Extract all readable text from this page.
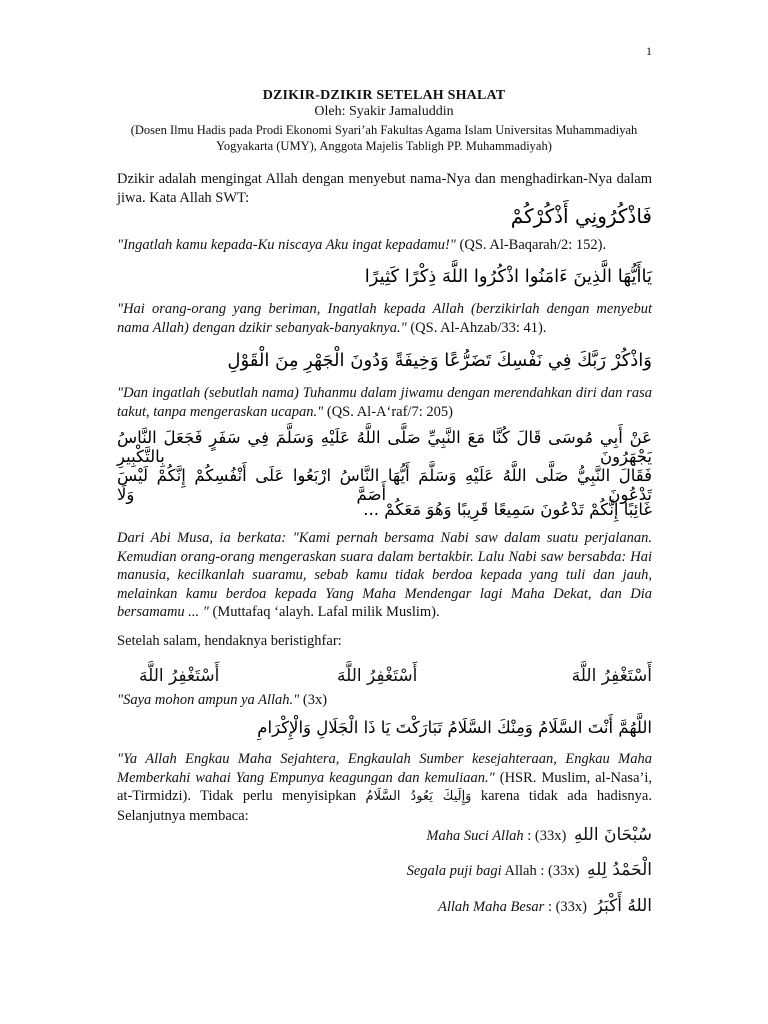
1
DZIKIR-DZIKIR SETELAH SHALAT
Oleh: Syakir Jamaluddin
(Dosen Ilmu Hadis pada Prodi Ekonomi Syari’ah Fakultas Agama Islam Universitas Muhammadiyah Yogyakarta (UMY), Anggota Majelis Tabligh PP. Muhammadiyah)
Dzikir adalah mengingat Allah dengan menyebut nama-Nya dan menghadirkan-Nya dalam jiwa. Kata Allah SWT:
فَاذْكُرُونِي أَذْكُرْكُمْ
"Ingatlah kamu kepada-Ku niscaya Aku ingat kepadamu!" (QS. Al-Baqarah/2: 152).
يَاأَيُّهَا الَّذِينَ ءَامَنُوا اذْكُرُوا اللَّهَ ذِكْرًا كَثِيرًا
"Hai orang-orang yang beriman, Ingatlah kepada Allah (berzikirlah dengan menyebut nama Allah) dengan dzikir sebanyak-banyaknya." (QS. Al-Ahzab/33: 41).
وَاذْكُرْ رَبَّكَ فِي نَفْسِكَ تَضَرُّعًا وَخِيفَةً وَدُونَ الْجَهْرِ مِنَ الْقَوْلِ
"Dan ingatlah (sebutlah nama) Tuhanmu dalam jiwamu dengan merendahkan diri dan rasa takut, tanpa mengeraskan ucapan." (QS. Al-A‘raf/7: 205)
عَنْ أَبِي مُوسَى قَالَ كُنَّا مَعَ النَّبِيِّ صَلَّى اللَّهُ عَلَيْهِ وَسَلَّمَ فِي سَفَرٍ فَجَعَلَ النَّاسُ يَجْهَرُونَ بِالتَّكْبِيرِ
فَقَالَ النَّبِيُّ صَلَّى اللَّهُ عَلَيْهِ وَسَلَّمَ أَيُّهَا النَّاسُ ارْبَعُوا عَلَى أَنْفُسِكُمْ إِنَّكُمْ لَيْسَ تَدْعُونَ أَصَمَّ وَلَا
غَائِبًا إِنَّكُمْ تَدْعُونَ سَمِيعًا قَرِيبًا وَهُوَ مَعَكُمْ ...
Dari Abi Musa, ia berkata: "Kami pernah bersama Nabi saw dalam suatu perjalanan. Kemudian orang-orang mengeraskan suara dalam bertakbir. Lalu Nabi saw bersabda: Hai manusia, kecilkanlah suaramu, sebab kamu tidak berdoa kepada yang tuli dan jauh, melainkan kamu berdoa kepada Yang Maha Mendengar lagi Maha Dekat, dan Dia bersamamu ... " (Muttafaq ‘alayh. Lafal milik Muslim).
Setelah salam, hendaknya beristighfar:
أَسْتَغْفِرُ اللَّهَ	أَسْتَغْفِرُ اللَّهَ	أَسْتَغْفِرُ اللَّهَ
"Saya mohon ampun ya Allah." (3x)
اللَّهُمَّ أَنْتَ السَّلَامُ وَمِنْكَ السَّلَامُ تَبَارَكْتَ يَا ذَا الْجَلَالِ وَالْإِكْرَامِ
"Ya Allah Engkau Maha Sejahtera, Engkaulah Sumber kesejahteraan, Engkau Maha Memberkahi wahai Yang Empunya keagungan dan kemuliaan." (HSR. Muslim, al-Nasa’i, at-Tirmidzi). Tidak perlu menyisipkan وَإِلَيكَ يَعُودُ السَّلَامُ karena tidak ada hadisnya. Selanjutnya membaca:
Maha Suci Allah : (33x) سُبْحَانَ اللهِ
Segala puji bagi Allah : (33x) الْحَمْدُ لِلهِ
Allah Maha Besar : (33x) اللهُ أَكْبَرُ
